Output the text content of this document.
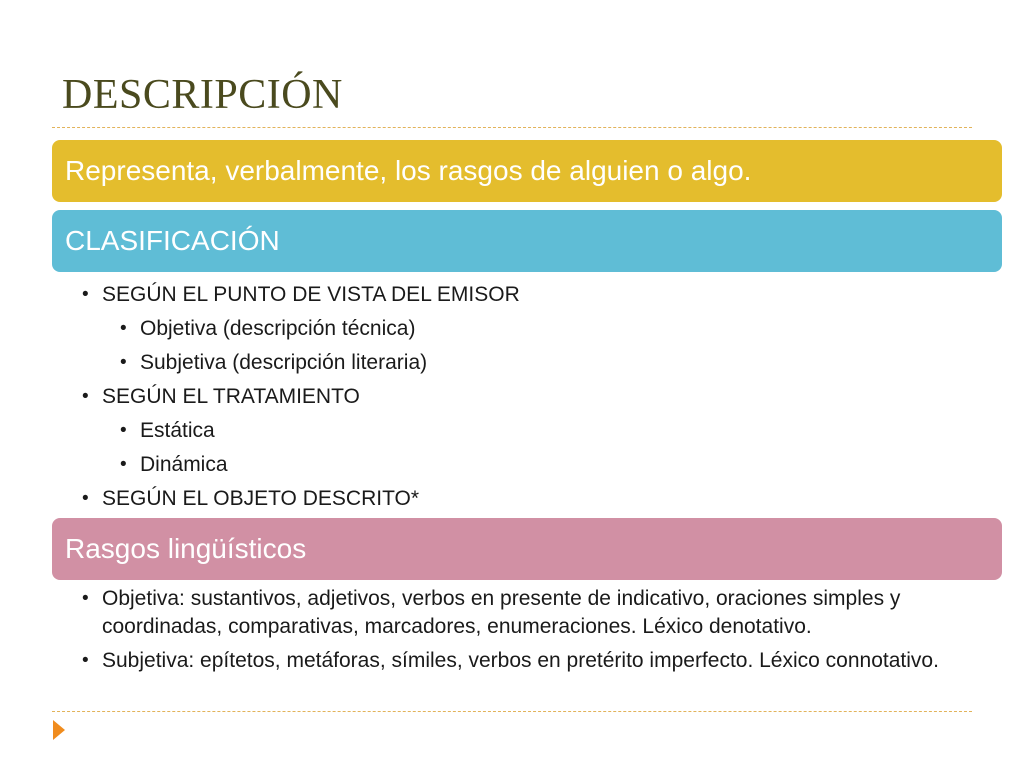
DESCRIPCIÓN
Representa, verbalmente, los rasgos de alguien o algo.
CLASIFICACIÓN
• SEGÚN EL PUNTO DE VISTA DEL EMISOR
• Objetiva (descripción técnica)
• Subjetiva (descripción literaria)
• SEGÚN EL TRATAMIENTO
• Estática
• Dinámica
• SEGÚN EL OBJETO DESCRITO*
Rasgos lingüísticos
• Objetiva: sustantivos, adjetivos, verbos en presente de indicativo, oraciones simples y coordinadas, comparativas, marcadores, enumeraciones. Léxico denotativo.
• Subjetiva: epítetos, metáforas, símiles, verbos en pretérito imperfecto. Léxico connotativo.
